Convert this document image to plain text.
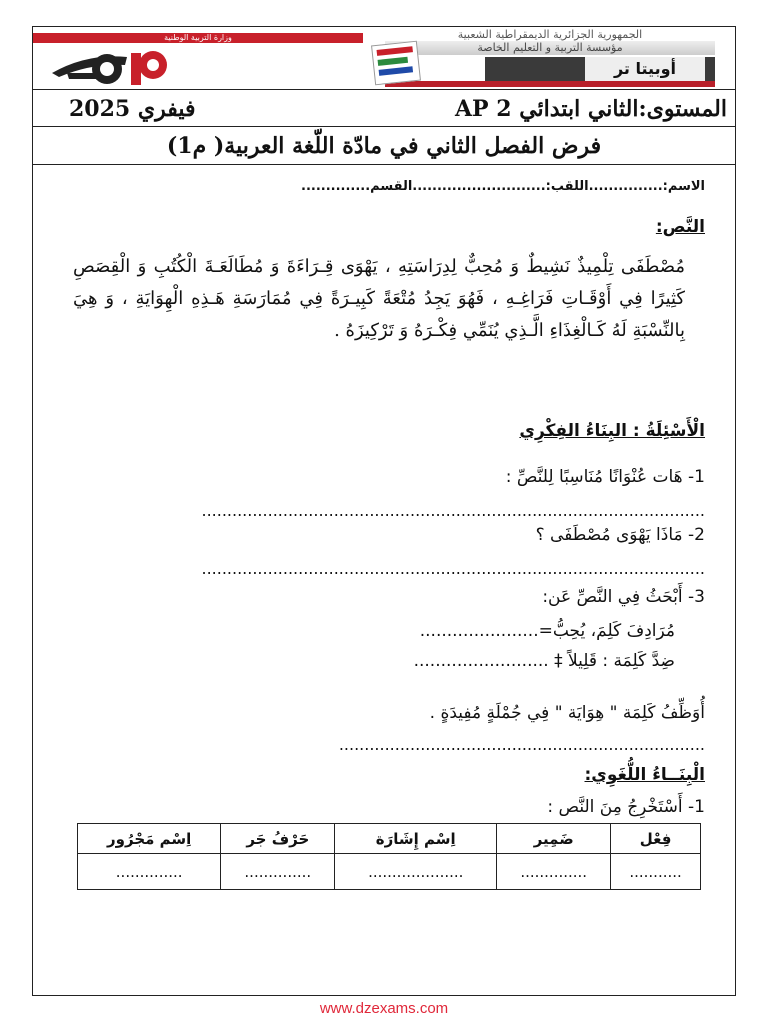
وزارة التربية الوطنية	الجمهورية الجزائرية الديمقراطية الشعبية
مؤسسة التربية و التعليم الخاصة
أوبيتا تر
المستوى:الثاني ابتدائي 2 AP
فيفري 2025
فرض الفصل الثاني في مادّة اللّغة العربية( م1)
الاسم:...............اللقب:...........................القسم..............
النَّص:
مُصْطَفَى تِلْمِيذٌ نَشِيطٌ وَ مُحِبٌّ لِدِرَاسَتِهِ ، يَهْوَى قِـرَاءَةَ وَ مُطَالَعَـةَ الْكُتُبِ وَ الْقِصَصِ كَثِيرًا فِي أَوْقَـاتِ فَرَاغِـهِ ، فَهُوَ يَجِدُ مُتْعَةً كَبِيـرَةً فِي مُمَارَسَةِ هَـذِهِ الْهِوَايَةِ ، وَ هِيَ بِالنِّسْبَةِ لَهُ كَـالْغِذَاءِ الَّـذِي يُنَمِّي فِكْـرَهُ وَ تَرْكِيزَهُ .
الْأَسْئِلَةُ : البِنَاءُ الفِكْرِي
1- هَات عُنْوَانًا مُنَاسِبًا لِلنَّصِّ :
...................................................................................................
2- مَاذَا يَهْوَى مُصْطَفَى ؟
...................................................................................................
3- أَبْحَثُ فِي النَّصِّ عَن:
مُرَادِفَ كَلِمَ، يُحِبُّ=......................
ضِدَّ كَلِمَة : قَلِيلاً ‡ .........................
أُوَظِّفُ كَلِمَة " هِوَايَة " فِي جُمْلَةٍ مُفِيدَةٍ .
........................................................................
الْبِنَــاءُ اللُّغَوِي:
1- أَسْتَخْرِجُ مِنَ النَّص :
فِعْل	ضَمِير	اِسْم إِشَارَة	حَرْفُ جَر	اِسْم مَجْرُور
...........	..............	....................	..............	..............
www.dzexams.com
